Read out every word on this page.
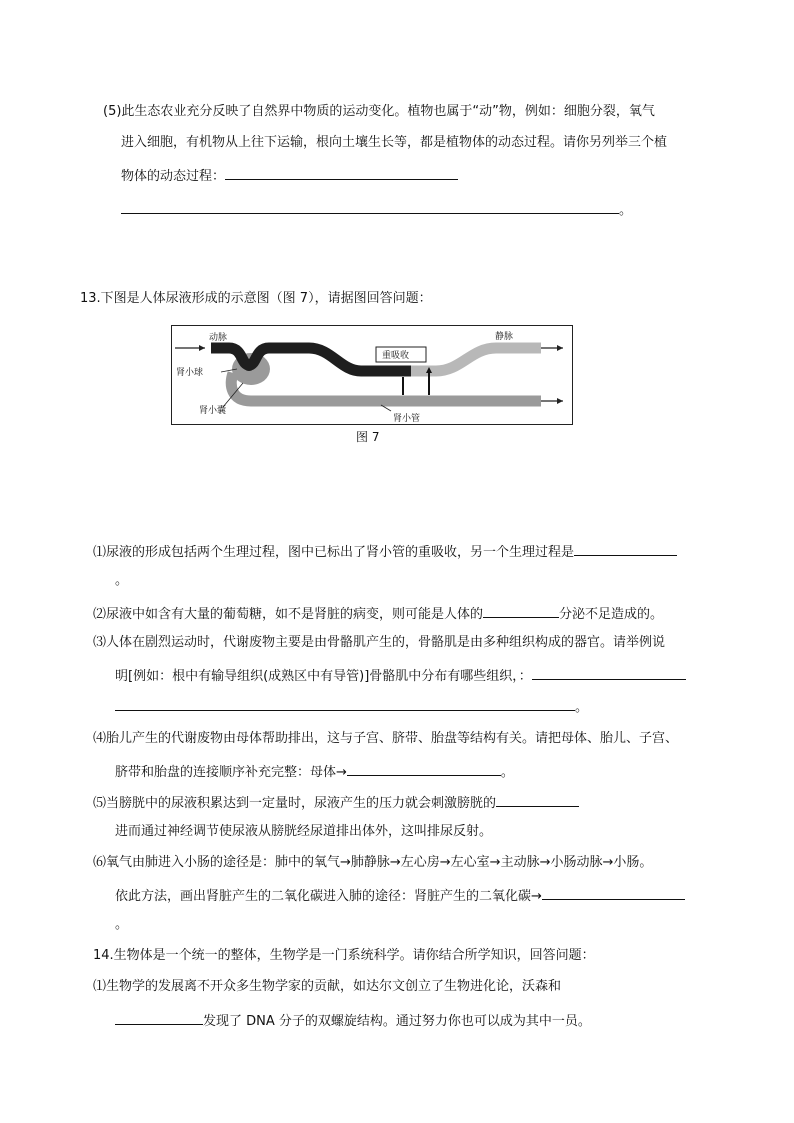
(5)此生态农业充分反映了自然界中物质的运动变化。植物也属于“动”物，例如：细胞分裂，氧气
进入细胞，有机物从上往下运输，根向土壤生长等，都是植物体的动态过程。请你另列举三个植
物体的动态过程：
。
13.下图是人体尿液形成的示意图（图 7），请据图回答问题：
动脉	静脉
肾小球
肾小囊
重吸收
肾小管
图 7
⑴尿液的形成包括两个生理过程，图中已标出了肾小管的重吸收，另一个生理过程是
。
⑵尿液中如含有大量的葡萄糖，如不是肾脏的病变，则可能是人体的	分泌不足造成的。
⑶人体在剧烈运动时，代谢废物主要是由骨骼肌产生的，骨骼肌是由多种组织构成的器官。请举例说
明[例如：根中有输导组织(成熟区中有导管)]骨骼肌中分布有哪些组织，：
。
⑷胎儿产生的代谢废物由母体帮助排出，这与子宫、脐带、胎盘等结构有关。请把母体、胎儿、子宫、
脐带和胎盘的连接顺序补充完整：母体→	。
⑸当膀胱中的尿液积累达到一定量时，尿液产生的压力就会刺激膀胱的
进而通过神经调节使尿液从膀胱经尿道排出体外，这叫排尿反射。
⑹氧气由肺进入小肠的途径是：肺中的氧气→肺静脉→左心房→左心室→主动脉→小肠动脉→小肠。
依此方法，画出肾脏产生的二氧化碳进入肺的途径：肾脏产生的二氧化碳→
。
14.生物体是一个统一的整体，生物学是一门系统科学。请你结合所学知识，回答问题：
⑴生物学的发展离不开众多生物学家的贡献，如达尔文创立了生物进化论，沃森和
发现了 DNA 分子的双螺旋结构。通过努力你也可以成为其中一员。
